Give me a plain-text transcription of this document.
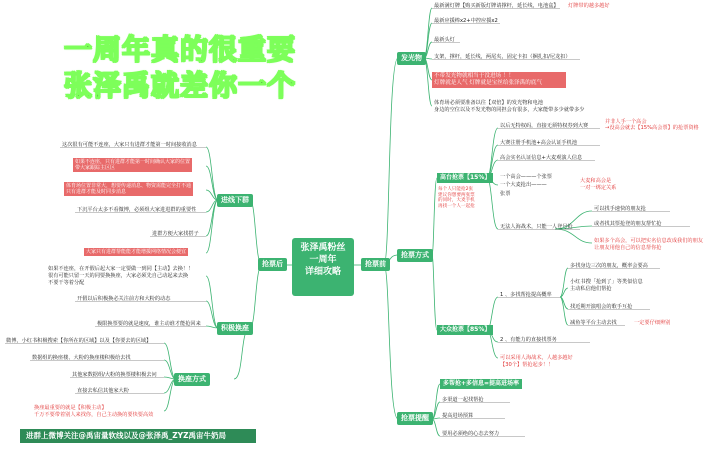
一周年真的很重要
张泽禹就差你一个
张泽禹粉丝
一周年
详细攻略
抢票前
抢票后
发光物
抢票方式
抢票提醒
进线下群
积极换座
换座方式
高台抢票【15%】
大众抢票【85%】
最新满灯牌【购买新版灯牌请撑杆，延长线，电池盒】 灯牌带的越多越好
最新应援棒x2+中控应援x2
最新头灯
支架，撑杆，延长线，两尾夹，固定卡扣（捆扎扣/尼龙扣）
不带发光物就相当于没进场 ！！
灯牌就是人气 灯牌就是宝丝给张泽禹的底气
体育场必须要准备以往【双倍】的发光物和电池
身边的空位以及不发光物的同担会有很多，大家能带多少就带多少
以后无特权码，直接无须特权券到大赛
并非人手一个高会
→没高会就去【15%高会票】的抢票资格
大赛注册手机池+高会认证手机池
高会实名认证信息+大麦观演人信息
一个高会———个张票
一个大麦抢出———
张票
大麦和高会是
一对一绑定关系
无法人海战术，只能一人登号抢
可以找手速快的朋友抢
或者找其票抢登的朋友帮忙抢
如果多个高会，可以把实名信息改成我们的朋友
让朋友用他自己的信息帮你抢
每个人只能抢2张
建议你想要两张票
的同时，大麦手机
再找一个人一起抢
多找身边三次的朋友，概率会要高
小红书搜「抢到了」等类似信息
主动私信他们帮抢
1 、多找帮抢提高概率
找近期开演唱会的歌手互抢
减鱼等平台主动去找	一定要仔细辨别
2 、有能力的直接找票务
可以采用人海战术，人越多越好
【30个】帮抢起步！！
多帮抢+多信息=提高进场率
多渠道一起找帮抢
提高进场预算
要用必须绝的心态去努力
这次很有可能不连座，大家只有进群才能第一时间接收消息
如果不连座，只有进群才能第一时间确认大家的位置
带大家跟踪主区区
体育场位置非常大，想要传递消息、物资需能完全打不通
只有进群才能及时同步消息
下沉平台太多不看微博，必须组大家进进群的重要性
进群方便大家找搭子
大家只有进群帮能能才能增援网络情况会便宜
如果不连座，在开假后起大家一定要做一到同【主动】去换！！
很有可能只留一天的同要换换座，大家必须先自己动起来去换
不要干等着分配
开假以后积极换必关注前方和大粉的动态
极限换票要的就是速度，谁主动谁才能抢回来
微博，小红书积极搜索【你所在的区域】以及【你要去的区域】
数据组的换座楼、大粉的换座楼积极给去找
其他家数据组/大粉的换票楼积极去问
直接去私信其他家大粉
换座最重要的就是【积极主动】
千万不要带着别人来找你，自己主动换的要快要高效
进群上微博关注@禹宙量软线以及@张泽禹_ZYZ禹宙牛奶局
